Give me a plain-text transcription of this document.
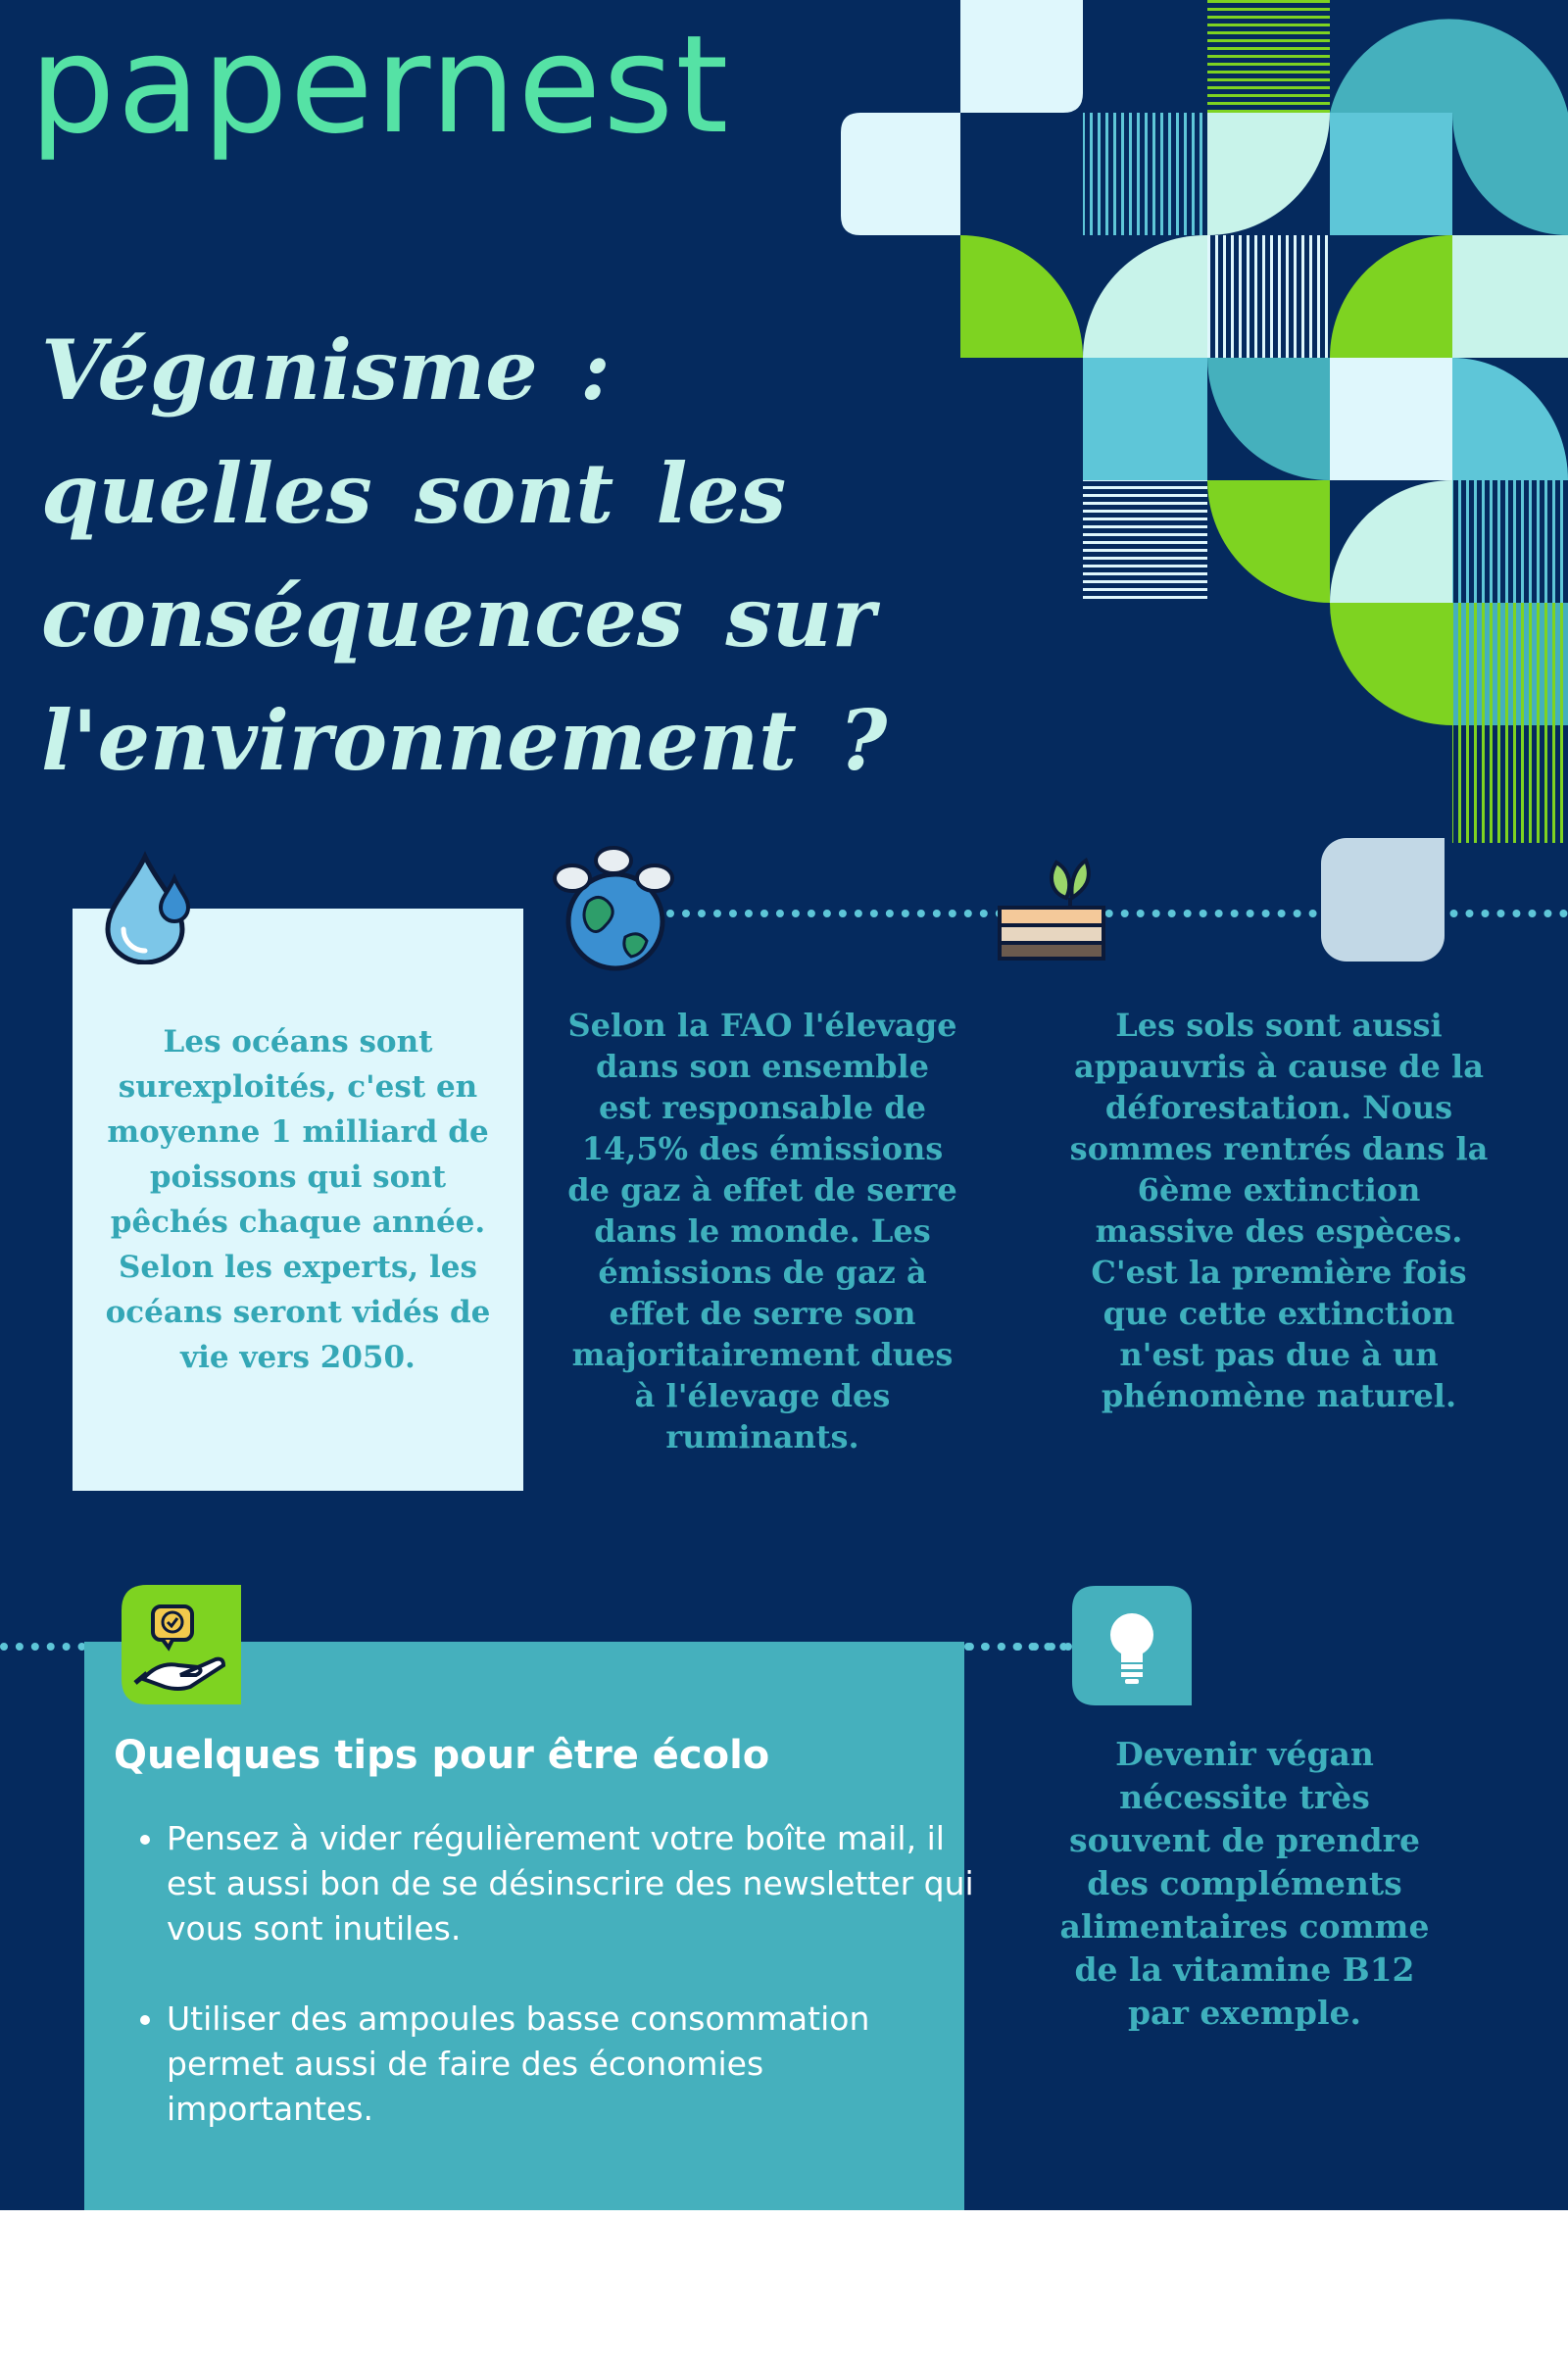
papernest
Véganisme : quelles sont les conséquences sur l'environnement ?
Les océans sont surexploités, c'est en moyenne 1 milliard de poissons qui sont pêchés chaque année. Selon les experts, les océans seront vidés de vie vers 2050.
Selon la FAO l'élevage dans son ensemble est responsable de 14,5% des émissions de gaz à effet de serre dans le monde. Les émissions de gaz à effet de serre son majoritairement dues à l'élevage des ruminants.
Les sols sont aussi appauvris à cause de la déforestation. Nous sommes rentrés dans la 6ème extinction massive des espèces. C'est la première fois que cette extinction n'est pas due à un phénomène naturel.
Quelques tips pour être écolo
• Pensez à vider régulièrement votre boîte mail, il est aussi bon de se désinscrire des newsletter qui vous sont inutiles.
• Utiliser des ampoules basse consommation permet aussi de faire des économies importantes.
Devenir végan nécessite très souvent de prendre des compléments alimentaires comme de la vitamine B12 par exemple.
